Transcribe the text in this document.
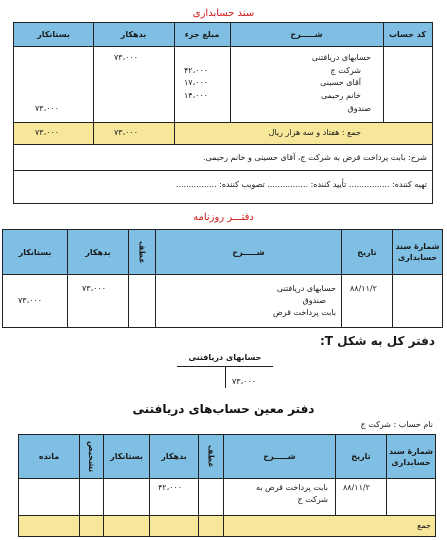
سند حسابداری
کد حساب
شـــــرح
مبلغ جزء
بدهکار
بستانکار
حسابهای دریافتنی
شرکت ج
آقای حسینی
خانم رحیمی
صندوق
۴۲،۰۰۰
۱۷،۰۰۰
۱۴،۰۰۰
۷۳،۰۰۰
۷۳،۰۰۰
جمع : هفتاد و سه هزار ریال
۷۳،۰۰۰
۷۳،۰۰۰
شرح: بابت پرداخت قرض به شرکت ج، آقای حسینی و خانم رحیمی.
تهیه کننده: ................ تأیید کننده: ................ تصویب کننده: ................
دفتـــر روزنامه
شمارۀ سند حسابداری
تاریخ
شـــــرح
عطف
بدهکار
بستانکار
۸۸/۱۱/۲
حسابهای دریافتنی
صندوق
بابت پرداخت قرض
۷۳،۰۰۰
۷۳،۰۰۰
دفتر کل به شکل T:
حسابهای دریافتنی
۷۳،۰۰۰
دفتر معین حساب‌های دریافتنی
نام حساب : شرکت ج
شمارۀ سند حسابداری
تاریخ
شـــــرح
عطف
بدهکار
بستانکار
تشخیص
مانده
۸۸/۱۱/۲
بابت پرداخت قرض به
شرکت ج
۴۲،۰۰۰
جمع
